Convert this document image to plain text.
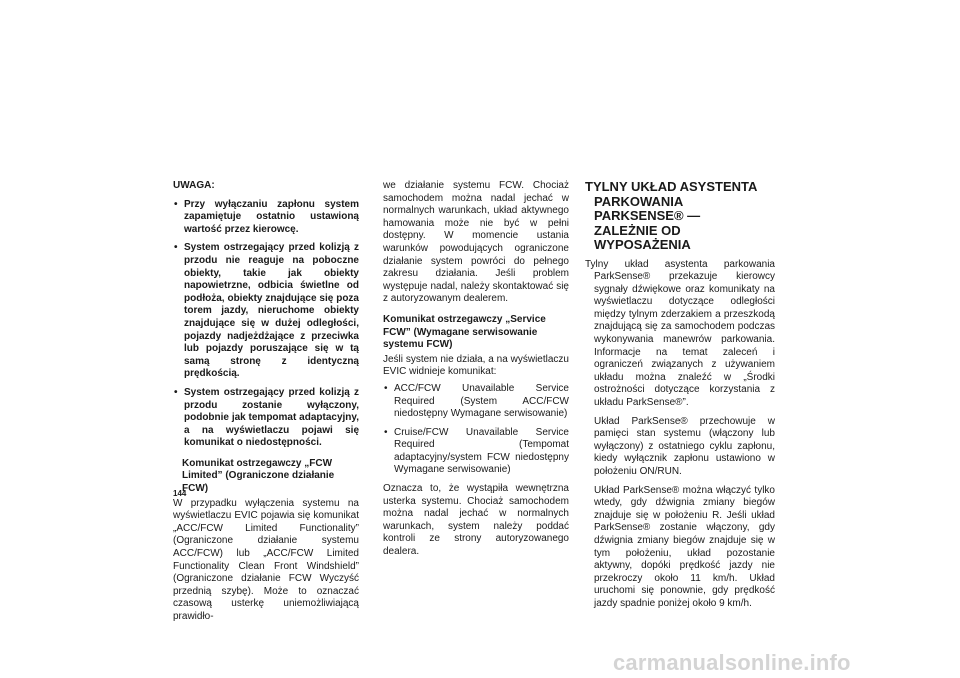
UWAGA:

• Przy wyłączaniu zapłonu system zapamiętuje ostatnio ustawioną wartość przez kierowcę.
• System ostrzegający przed kolizją z przodu nie reaguje na poboczne obiekty, takie jak obiekty napowietrzne, odbicia świetlne od podłoża, obiekty znajdujące się poza torem jazdy, nieruchome obiekty znajdujące się w dużej odległości, pojazdy nadjeżdżające z przeciwka lub pojazdy poruszające się w tą samą stronę z identyczną prędkością.
• System ostrzegający przed kolizją z przodu zostanie wyłączony, podobnie jak tempomat adaptacyjny, a na wyświetlaczu pojawi się komunikat o niedostępności.

Komunikat ostrzegawczy „FCW Limited” (Ograniczone działanie FCW)

W przypadku wyłączenia systemu na wyświetlaczu EVIC pojawia się komunikat „ACC/FCW Limited Functionality” (Ograniczone działanie systemu ACC/FCW) lub „ACC/FCW Limited Functionality Clean Front Windshield” (Ograniczone działanie FCW Wyczyść przednią szybę). Może to oznaczać czasową usterkę uniemożliwiającą prawidło-

we działanie systemu FCW. Chociaż samochodem można nadal jechać w normalnych warunkach, układ aktywnego hamowania może nie być w pełni dostępny. W momencie ustania warunków powodujących ograniczone działanie system powróci do pełnego zakresu działania. Jeśli problem występuje nadal, należy skontaktować się z autoryzowanym dealerem.

Komunikat ostrzegawczy „Service FCW” (Wymagane serwisowanie systemu FCW)

Jeśli system nie działa, a na wyświetlaczu EVIC widnieje komunikat:

• ACC/FCW Unavailable Service Required (System ACC/FCW niedostępny Wymagane serwisowanie)
• Cruise/FCW Unavailable Service Required (Tempomat adaptacyjny/system FCW niedostępny Wymagane serwisowanie)

Oznacza to, że wystąpiła wewnętrzna usterka systemu. Chociaż samochodem można nadal jechać w normalnych warunkach, system należy poddać kontroli ze strony autoryzowanego dealera.

TYLNY UKŁAD ASYSTENTA
PARKOWANIA PARKSENSE® —
ZALEŻNIE OD WYPOSAŻENIA

Tylny układ asystenta parkowania ParkSense® przekazuje kierowcy sygnały dźwiękowe oraz komunikaty na wyświetlaczu dotyczące odległości między tylnym zderzakiem a przeszkodą znajdującą się za samochodem podczas wykonywania manewrów parkowania. Informacje na temat zaleceń i ograniczeń związanych z używaniem układu można znaleźć w „Środki ostrożności dotyczące korzystania z układu ParkSense®”.

Układ ParkSense® przechowuje w pamięci stan systemu (włączony lub wyłączony) z ostatniego cyklu zapłonu, kiedy wyłącznik zapłonu ustawiono w położeniu ON/RUN.

Układ ParkSense® można włączyć tylko wtedy, gdy dźwignia zmiany biegów znajduje się w położeniu R. Jeśli układ ParkSense® zostanie włączony, gdy dźwignia zmiany biegów znajduje się w tym położeniu, układ pozostanie aktywny, dopóki prędkość jazdy nie przekroczy około 11 km/h. Układ uruchomi się ponownie, gdy prędkość jazdy spadnie poniżej około 9 km/h.

144
carmanualsonline.info
